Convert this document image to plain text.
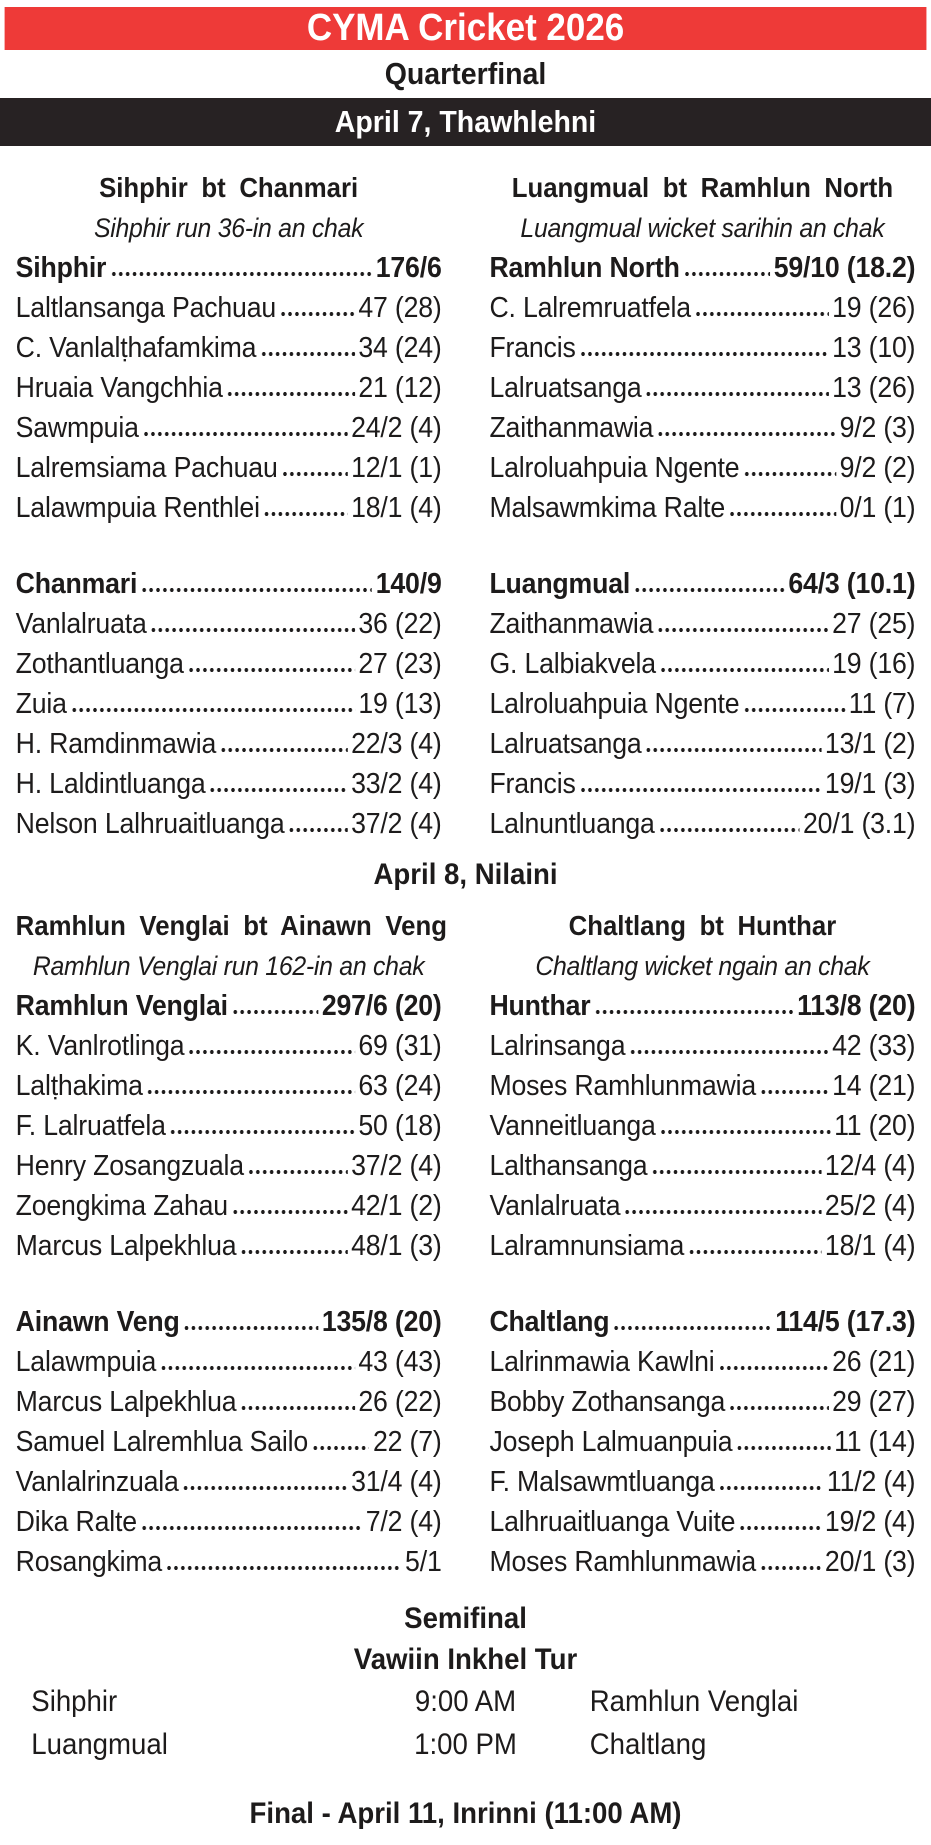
CYMA Cricket 2026
Quarterfinal
April 7, Thawhlehni
Sihphir bt Chanmari

Sihphir run 36-in an chak

Sihphir	176/6
Laltlansanga Pachuau	47 (28)
C. Vanlalṭhafamkima	34 (24)
Hruaia Vangchhia	21 (12)
Sawmpuia	24/2 (4)
Lalremsiama Pachuau	12/1 (1)
Lalawmpuia Renthlei	18/1 (4)
Chanmari	140/9
Vanlalruata	36 (22)
Zothantluanga	27 (23)
Zuia	19 (13)
H. Ramdinmawia	22/3 (4)
H. Laldintluanga	33/2 (4)
Nelson Lalhruaitluanga 37/2 (4)
Luangmual bt Ramhlun North

Luangmual wicket sarihin an chak

Ramhlun North	59/10 (18.2)
C. Lalremruatfela	19 (26)
Francis	13 (10)
Lalruatsanga	13 (26)
Zaithanmawia	9/2 (3)
Lalroluahpuia Ngente	9/2 (2)
Malsawmkima Ralte	0/1 (1)
Luangmual	64/3 (10.1)
Zaithanmawia	27 (25)
G. Lalbiakvela	19 (16)
Lalroluahpuia Ngente	11 (7)
Lalruatsanga	13/1 (2)
Francis	19/1 (3)
Lalnuntluanga	20/1 (3.1)
April 8, Nilaini
Ramhlun Venglai bt Ainawn Veng

Ramhlun Venglai run 162-in an chak

Ramhlun Venglai	297/6 (20)
K. Vanlrotlinga	69 (31)
Lalṭhakima	63 (24)
F. Lalruatfela	50 (18)
Henry Zosangzuala	37/2 (4)
Zoengkima Zahau	42/1 (2)
Marcus Lalpekhlua	48/1 (3)
Ainawn Veng	135/8 (20)
Lalawmpuia	43 (43)
Marcus Lalpekhlua	26 (22)
Samuel Lalremhlua Sailo 22 (7)
Vanlalrinzuala	31/4 (4)
Dika Ralte	7/2 (4)
Rosangkima	5/1
Chaltlang bt Hunthar

Chaltlang wicket ngain an chak

Hunthar	113/8 (20)
Lalrinsanga	42 (33)
Moses Ramhlunmawia	14 (21)
Vanneitluanga	11 (20)
Lalthansanga	12/4 (4)
Vanlalruata	25/2 (4)
Lalramnunsiama	18/1 (4)
Chaltlang	114/5 (17.3)
Lalrinmawia Kawlni	26 (21)
Bobby Zothansanga	29 (27)
Joseph Lalmuanpuia	11 (14)
F. Malsawmtluanga	11/2 (4)
Lalhruaitluanga Vuite	19/2 (4)
Moses Ramhlunmawia 20/1 (3)
Semifinal
Vawiin Inkhel Tur
Sihphir	9:00 AM	Ramhlun Venglai
Luangmual	1:00 PM	Chaltlang
Final - April 11, Inrinni (11:00 AM)
